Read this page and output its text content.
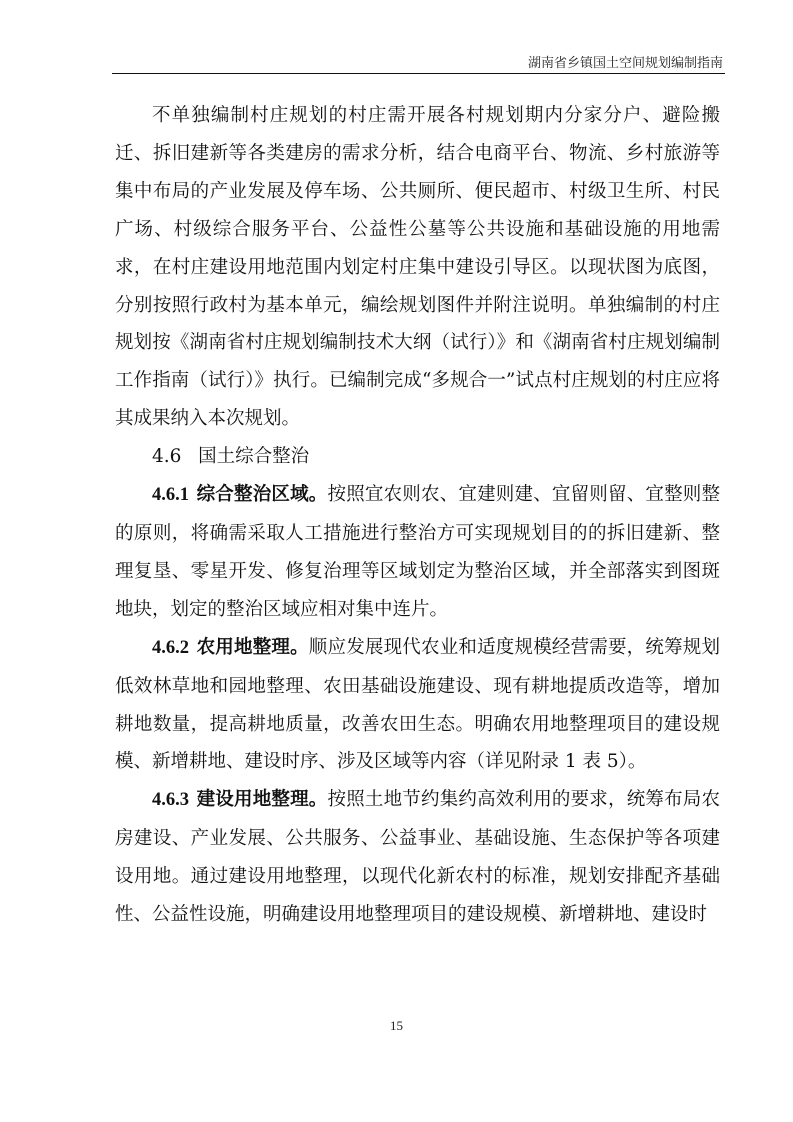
湖南省乡镇国土空间规划编制指南

不单独编制村庄规划的村庄需开展各村规划期内分家分户、避险搬迁、拆旧建新等各类建房的需求分析，结合电商平台、物流、乡村旅游等集中布局的产业发展及停车场、公共厕所、便民超市、村级卫生所、村民广场、村级综合服务平台、公益性公墓等公共设施和基础设施的用地需求，在村庄建设用地范围内划定村庄集中建设引导区。以现状图为底图，分别按照行政村为基本单元，编绘规划图件并附注说明。单独编制的村庄规划按《湖南省村庄规划编制技术大纲（试行）》和《湖南省村庄规划编制工作指南（试行）》执行。已编制完成“多规合一”试点村庄规划的村庄应将其成果纳入本次规划。

4.6 国土综合整治

4.6.1 综合整治区域。按照宜农则农、宜建则建、宜留则留、宜整则整的原则，将确需采取人工措施进行整治方可实现规划目的的拆旧建新、整理复垦、零星开发、修复治理等区域划定为整治区域，并全部落实到图斑地块，划定的整治区域应相对集中连片。

4.6.2 农用地整理。顺应发展现代农业和适度规模经营需要，统筹规划低效林草地和园地整理、农田基础设施建设、现有耕地提质改造等，增加耕地数量，提高耕地质量，改善农田生态。明确农用地整理项目的建设规模、新增耕地、建设时序、涉及区域等内容（详见附录 1 表 5）。

4.6.3 建设用地整理。按照土地节约集约高效利用的要求，统筹布局农房建设、产业发展、公共服务、公益事业、基础设施、生态保护等各项建设用地。通过建设用地整理，以现代化新农村的标准，规划安排配齐基础性、公益性设施，明确建设用地整理项目的建设规模、新增耕地、建设时

15
